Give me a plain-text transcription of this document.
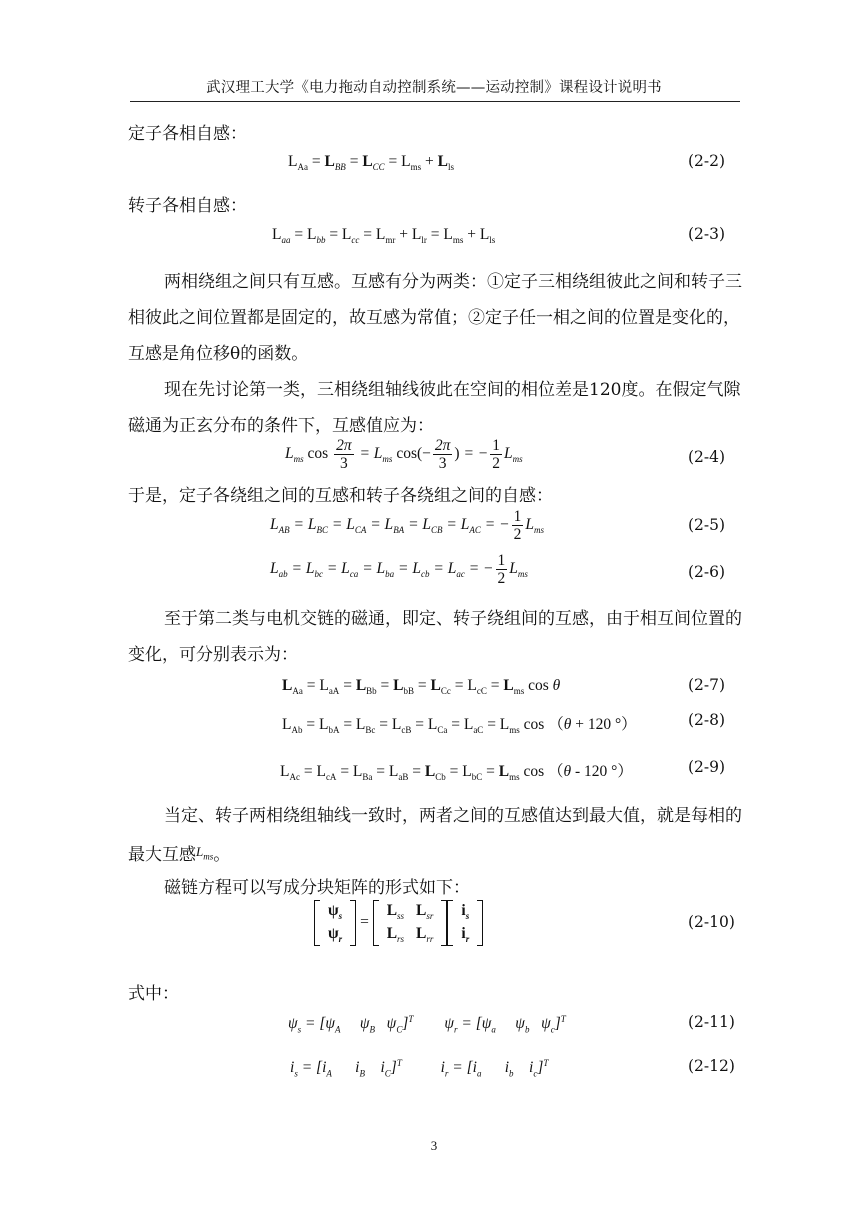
武汉理工大学《电力拖动自动控制系统——运动控制》课程设计说明书
定子各相自感：
$L_{Aa} = L_{BB} = L_{CC} = L_{ms} + L_{ls}$	(2-2)
转子各相自感：
$L_{aa} = L_{bb} = L_{cc} = L_{mr} + L_{lr} = L_{ms} + L_{ls}$	(2-3)
两相绕组之间只有互感。互感有分为两类：①定子三相绕组彼此之间和转子三相彼此之间位置都是固定的，故互感为常值；②定子任一相之间的位置是变化的，互感是角位移θ的函数。
现在先讨论第一类，三相绕组轴线彼此在空间的相位差是120度。在假定气隙磁通为正玄分布的条件下，互感值应为：
$L_{ms}$ $\cos \frac{2\pi}{3} = L_{ms}$ $\cos(- \frac{2\pi}{3}$ ) = − $\frac{1}{2} L_{ms}$	(2-4)
于是，定子各绕组之间的互感和转子各绕组之间的自感：
$L_{AB} = L_{BC} = L_{CA} = L_{BA} = L_{CB} = L_{AC}$ = − $\frac{1}{2} L_{ms}$	(2-5)
$L_{ab} = L_{bc} = L_{ca} = L_{ba} = L_{cb} = L_{ac}$ = − $\frac{1}{2} L_{ms}$	(2-6)
至于第二类与电机交链的磁通，即定、转子绕组间的互感，由于相互间位置的变化，可分别表示为：
$L_{Aa} = L_{aA} = L_{Bb} = L_{bB} = L_{Cc} = L_{cC} = L_{ms}$ cos θ	(2-7)
$L_{Ab} = L_{bA} = L_{Bc} = L_{cB} = L_{Ca} = L_{aC} = L_{ms}$ cos （θ + 120 °）	(2-8)
$L_{Ac} = L_{cA} = L_{Ba} = L_{aB} = L_{Cb} = L_{bC} = L_{ms}$ cos （θ - 120 °）	(2-9)
当定、转子两相绕组轴线一致时，两者之间的互感值达到最大值，就是每相的最大互感$^{L_{ms}}$。
磁链方程可以写成分块矩阵的形式如下：
$\psi_s$
$\psi_r$
=
$L_{ss}$	$L_{sr}$
$L_{rs}$	$L_{rr}$
$i_s$
$i_r$
(2-10)
式中：
$\psi_s = [\psi_A$     $\psi_B$   $\psi_C]^T$        $\psi_r = [\psi_a$     $\psi_b$   $\psi_c]^T$	(2-11)
$i_s = [i_A$      $i_B$    $i_C]^T$          $i_r = [i_a$      $i_b$    $i_c]^T$	(2-12)
3
